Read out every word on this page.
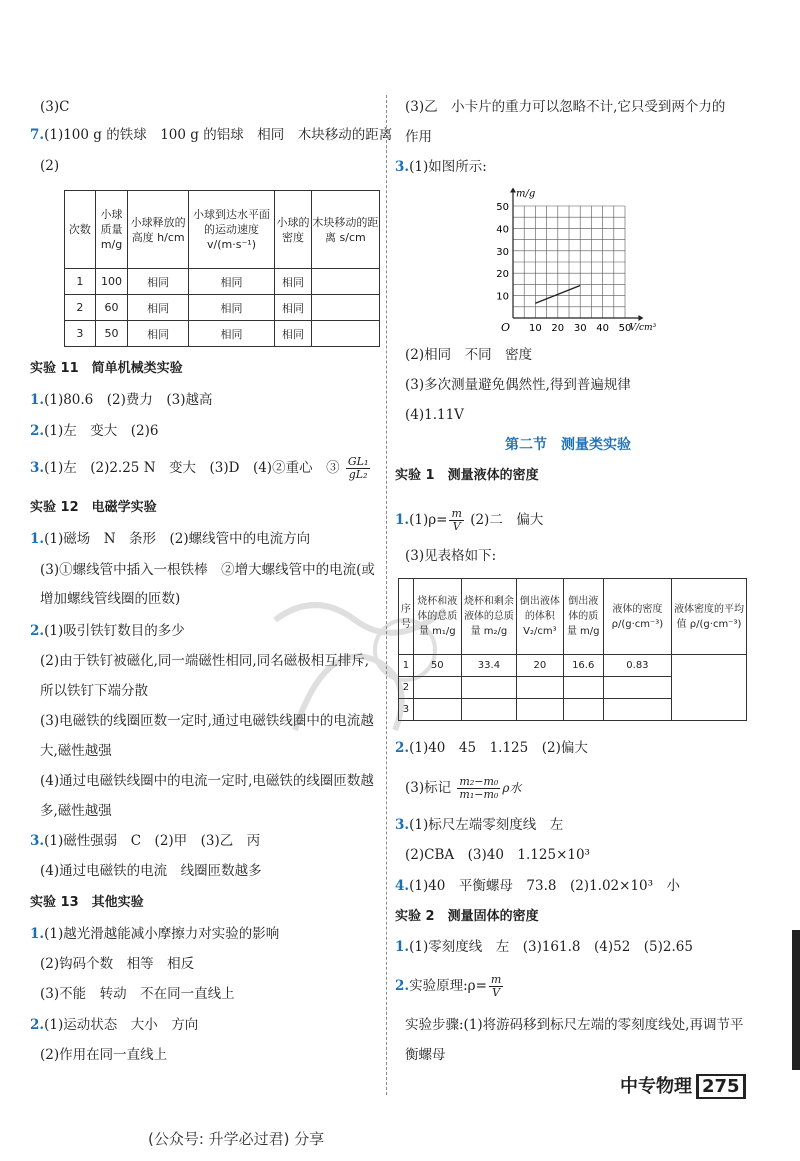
(3)C
7.(1)100 g 的铁球　100 g 的铝球　相同　木块移动的距离
(2)
次数	小球质量m/g	小球释放的高度 h/cm	小球到达水平面的运动速度 v/(m·s⁻¹)	小球的密度	木块移动的距离 s/cm
1	100	相同	相同	相同	
2	60	相同	相同	相同	
3	50	相同	相同	相同	
实验 11　简单机械类实验
1.(1)80.6　(2)费力　(3)越高
2.(1)左　变大　(2)6
3.(1)左　(2)2.25 N　变大　(3)D　(4)②重心　③ $\frac{\text{GL₁}}{\text{gL₂}}$
实验 12　电磁学实验
1.(1)磁场　N　条形　(2)螺线管中的电流方向
(3)①螺线管中插入一根铁棒　②增大螺线管中的电流(或
增加螺线管线圈的匝数)
2.(1)吸引铁钉数目的多少
(2)由于铁钉被磁化,同一端磁性相同,同名磁极相互排斥,
所以铁钉下端分散
(3)电磁铁的线圈匝数一定时,通过电磁铁线圈中的电流越
大,磁性越强
(4)通过电磁铁线圈中的电流一定时,电磁铁的线圈匝数越
多,磁性越强
3.(1)磁性强弱　C　(2)甲　(3)乙　丙
(4)通过电磁铁的电流　线圈匝数越多
实验 13　其他实验
1.(1)越光滑越能减小摩擦力对实验的影响
(2)钩码个数　相等　相反
(3)不能　转动　不在同一直线上
2.(1)运动状态　大小　方向
(2)作用在同一直线上
(3)乙　小卡片的重力可以忽略不计,它只受到两个力的
作用
3.(1)如图所示:
10 20 30 40 50
10
20
30
40
50
O
m/g
V/cm³
(2)相同　不同　密度
(3)多次测量避免偶然性,得到普遍规律
(4)1.11V
第二节　测量类实验
实验 1　测量液体的密度
$1.(1)\rho= \frac{m}{V} (2)$二　偏大
(3)见表格如下:
序号	烧杯和液体的总质量 m₁/g	烧杯和剩余液体的总质量 m₂/g	倒出液体的体积 V₂/cm³	倒出液体的质量 m/g	液体的密度 ρ/(g·cm⁻³)	液体密度的平均值 ρ/(g·cm⁻³)
1	50	33.4	20	16.6	0.83	
2						
3						
2.(1)40　45　1.125　(2)偏大
(3)标记 $\frac{\text{m₂−m₀}}{\text{m₁−m₀}}$ ρ水
3.(1)标尺左端零刻度线　左
(2)CBA　(3)40　1.125×10³
4.(1)40　平衡螺母　73.8　(2)1.02×10³　小
实验 2　测量固体的密度
1.(1)零刻度线　左　(3)161.8　(4)52　(5)2.65
2.实验原理:ρ= $\frac{m}{V}$
实验步骤:(1)将游码移到标尺左端的零刻度线处,再调节平
衡螺母
中专物理 275
(公众号: 升学必过君) 分享
